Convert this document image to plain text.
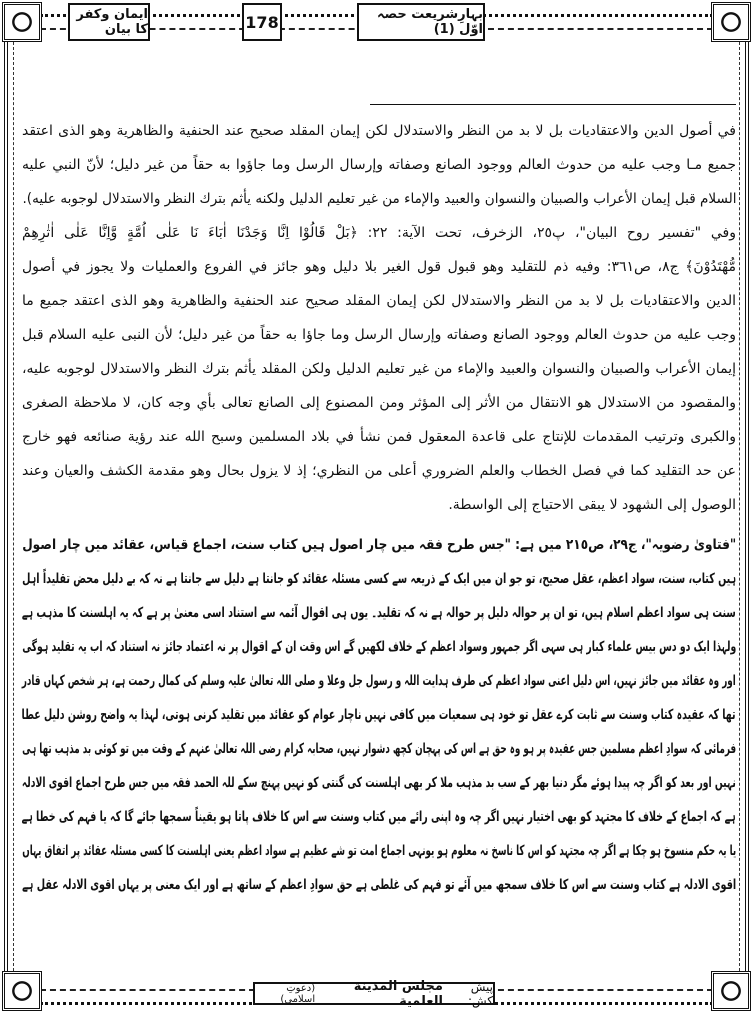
ايمان وكفر کا بيان	178	بہارِشریعت حصہ اوّل (1)
في أصول الدين والاعتقاديات بل لا بد من النظر والاستدلال لكن إيمان المقلد صحيح عند الحنفية والظاهرية وهو الذى اعتقد
جميع مـا وجب عليه من حدوث العالم ووجود الصانع وصفاته وإرسال الرسل وما جاؤوا به حقاً من غير دليل؛ لأنّ النبي عليه
السلام قبل إيمان الأعراب والصبيان والنسوان والعبيد والإماء من غير تعليم الدليل ولكنه يأثم بترك النظر والاستدلال لوجوبه عليه).
وفي "تفسير روح البيان"، پ٢٥، الزخرف، تحت الآية: ٢٢: ﴿بَلْ قَالُوْا اِنَّا وَجَدْنَا اٰبَاءَ نَا عَلٰى اُمَّةٍ وَّاِنَّا عَلٰى اٰثٰرِهِمْ
مُّهْتَدُوْنَ﴾ ج٨، ص٣٦١: وفيه ذم للتقليد وهو قبول قول الغير بلا دليل وهو جائز في الفروع والعمليات ولا يجوز في أصول
الدين والاعتقاديات بل لا بد من النظر والاستدلال لكن إيمان المقلد صحيح عند الحنفية والظاهرية وهو الذى اعتقد جميع ما
وجب عليه من حدوث العالم ووجود الصانع وصفاته وإرسال الرسل وما جاؤا به حقاً من غير دليل؛ لأن النبى عليه السلام قبل
إيمان الأعراب والصبيان والنسوان والعبيد والإماء من غير تعليم الدليل ولكن المقلد يأثم بترك النظر والاستدلال لوجوبه عليه،
والمقصود من الاستدلال هو الانتقال من الأثر إلى المؤثر ومن المصنوع إلى الصانع تعالى بأي وجه كان، لا ملاحظة الصغرى
والكبرى وترتيب المقدمات للإنتاج على قاعدة المعقول فمن نشأ في بلاد المسلمين وسبح الله عند رؤية صنائعه فهو خارج
عن حد التقليد كما في فصل الخطاب والعلم الضروري أعلى من النظري؛ إذ لا يزول بحال وهو مقدمة الكشف والعيان وعند
الوصول إلى الشهود لا يبقى الاحتياج إلى الواسطة.
"فتاویٰ رضویہ"، ج٢٩، ص٢١٥ میں ہے: "جس طرح فقہ میں چار اصول ہیں کتاب سنت، اجماع قیاس، عقائد میں چار اصول
ہیں کتاب، سنت، سواد اعظم، عقل صحیح، تو جو ان میں ایک کے ذریعہ سے کسی مسئلہ عقائد کو جانتا ہے دلیل سے جانتا ہے نہ کہ بے دلیل محض تقلیداً اہل
سنت ہی سواد اعظم اسلام ہیں، تو ان پر حوالہ دلیل پر حوالہ ہے نہ کہ تقلید۔ یوں ہی اقوال آئمہ سے استناد اسی معنیٰ پر ہے کہ یہ اہلسنت کا مذہب ہے
ولہذا ایک دو دس بیس علماء کبار ہی سہی اگر جمہور وسواد اعظم کے خلاف لکھیں گے اس وقت ان کے اقوال پر نہ اعتماد جائز نہ استناد کہ اب یہ تقلید ہوگی
اور وہ عقائد میں جائز نہیں، اس دلیل اعنی سواد اعظم کی طرف ہدایت اللہ و رسول جل وعلا و صلی اللہ تعالیٰ علیہ وسلم کی کمال رحمت ہے، ہر شخص کہاں قادر
تھا کہ عقیدہ کتاب وسنت سے ثابت کرے عقل تو خود ہی سمعیات میں کافی نہیں ناچار عوام کو عقائد میں تقلید کرنی ہوتی، لہذا یہ واضح روشن دلیل عطا
فرمائی کہ سوادِ اعظم مسلمین جس عقیدہ پر ہو وہ حق ہے اس کی پہچان کچھ دشوار نہیں، صحابہ کرام رضی اللہ تعالیٰ عنہم کے وقت میں تو کوئی بد مذہب تھا ہی
نہیں اور بعد کو اگر چہ پیدا ہوئے مگر دنیا بھر کے سب بد مذہب ملا کر بھی اہلسنت کی گنتی کو نہیں پہنچ سکے للہ الحمد فقہ میں جس طرح اجماع اقوی الادلہ
ہے کہ اجماع کے خلاف کا مجتہد کو بھی اختیار نہیں اگر چہ وہ اپنی رائے میں کتاب وسنت سے اس کا خلاف پاتا ہو یقیناً سمجھا جائے گا کہ یا فہم کی خطا ہے
یا یہ حکم منسوخ ہو چکا ہے اگر چہ مجتہد کو اس کا ناسخ نہ معلوم ہو یونہی اجماع امت تو شے عظیم ہے سواد اعظم یعنی اہلسنت کا کسی مسئلہ عقائد پر اتفاق یہاں
اقوی الادلہ ہے کتاب وسنت سے اس کا خلاف سمجھ میں آئے تو فہم کی غلطی ہے حق سوادِ اعظم کے ساتھ ہے اور ایک معنی پر یہاں اقوی الادلہ عقل ہے
پیش کش:
مجلس المدینة العلمیة
(دعوتِ اسلامی)
